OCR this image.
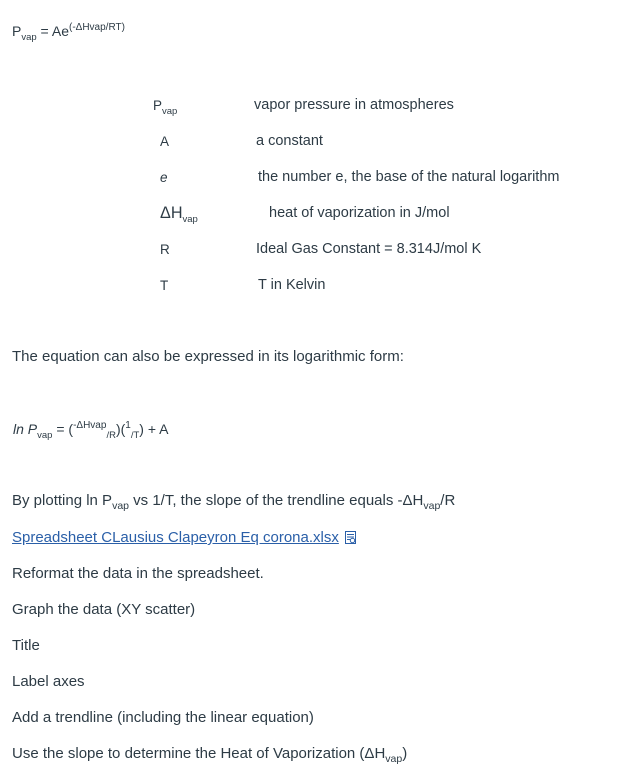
$P_{vap} = Ae^{(-\Delta Hvap/RT)}$
$P_{vap}$	vapor pressure in atmospheres
A	a constant
e	the number e, the base of the natural logarithm
$\Delta H_{vap}$	heat of vaporization in J/mol
R	Ideal Gas Constant = 8.314J/mol K
T	T in Kelvin
The equation can also be expressed in its logarithmic form:
$\ln P_{vap} = (^{-\Delta Hvap}_{/R})(^1_{/T}) + A$
By plotting $\ln P_{vap}$ vs 1/T, the slope of the trendline equals $-\Delta H_{vap}/R$
Spreadsheet CLausius Clapeyron Eq corona.xlsx
Reformat the data in the spreadsheet.
Graph the data (XY scatter)
Title
Label axes
Add a trendline (including the linear equation)
Use the slope to determine the Heat of Vaporization $(\Delta H_{vap})$
